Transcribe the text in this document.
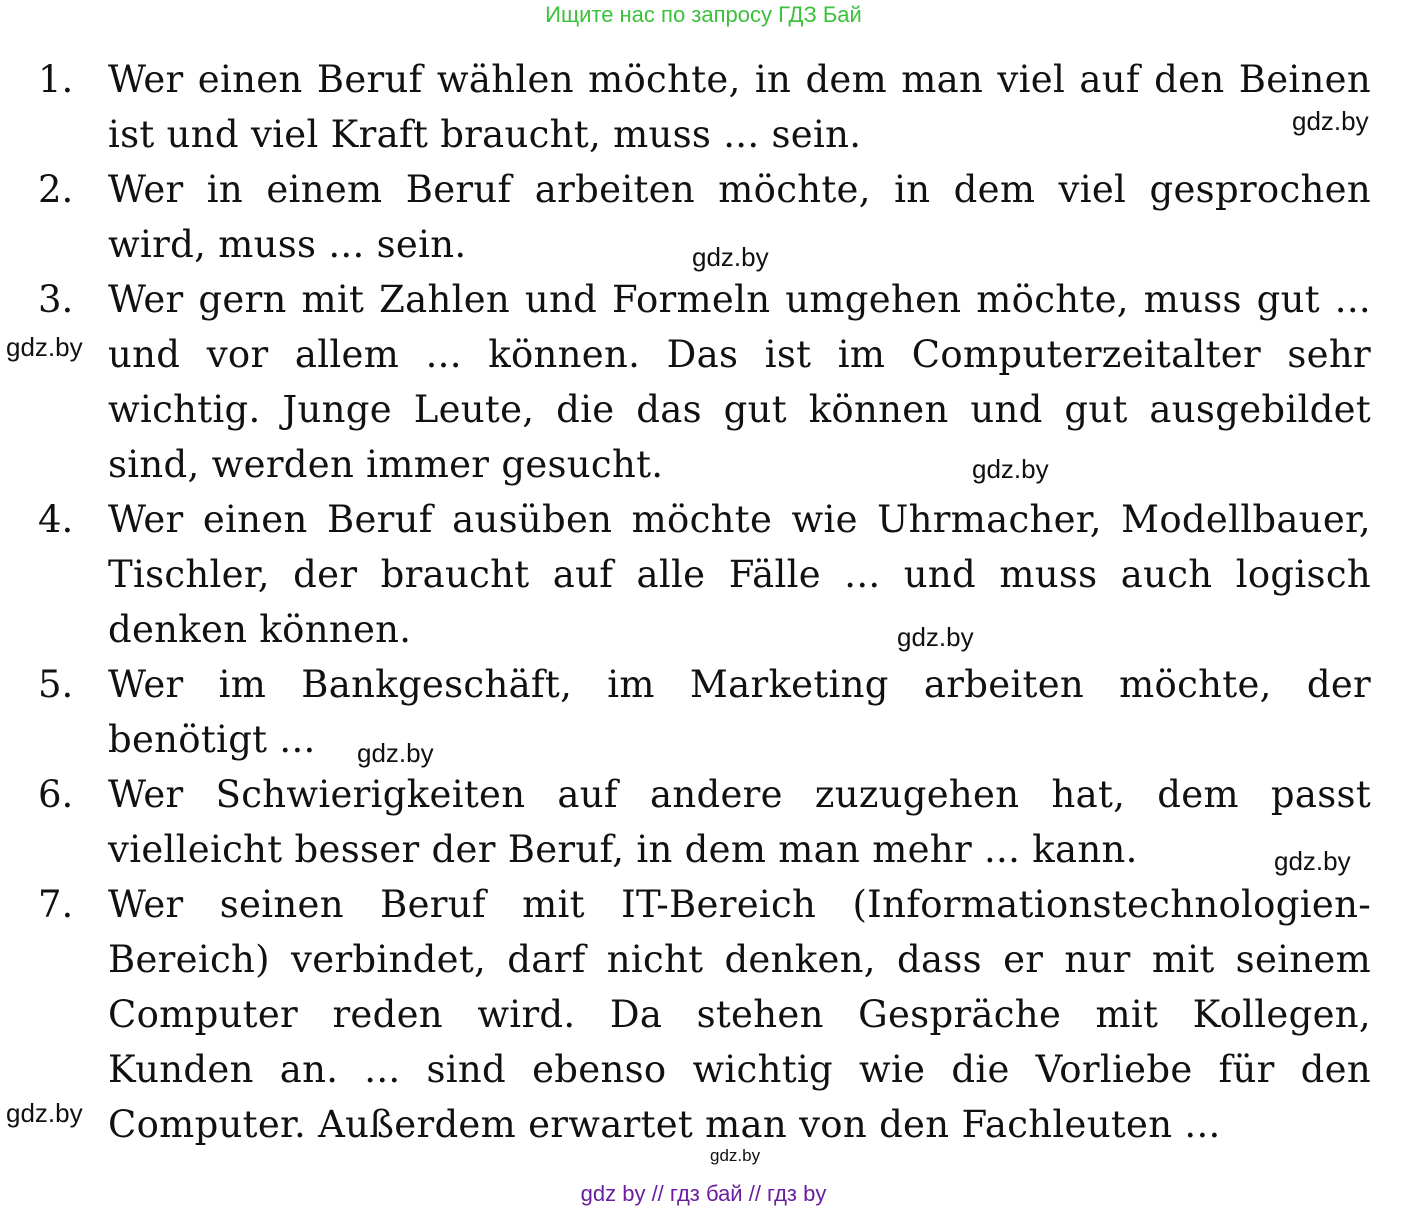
Ищите нас по запросу ГДЗ Бай
1. Wer einen Beruf wählen möchte, in dem man viel auf den Beinen ist und viel Kraft braucht, muss ... sein.
2. Wer in einem Beruf arbeiten möchte, in dem viel gesprochen wird, muss ... sein.
3. Wer gern mit Zahlen und Formeln umgehen möchte, muss gut ... und vor allem ... können. Das ist im Computerzeitalter sehr wichtig. Junge Leute, die das gut können und gut ausgebildet sind, werden immer gesucht.
4. Wer einen Beruf ausüben möchte wie Uhrmacher, Modellbauer, Tischler, der braucht auf alle Fälle ... und muss auch logisch denken können.
5. Wer im Bankgeschäft, im Marketing arbeiten möchte, der benötigt ...
6. Wer Schwierigkeiten auf andere zuzugehen hat, dem passt vielleicht besser der Beruf, in dem man mehr ... kann.
7. Wer seinen Beruf mit IT-Bereich (Informationstechnologien-Bereich) verbindet, darf nicht denken, dass er nur mit seinem Computer reden wird. Da stehen Gespräche mit Kollegen, Kunden an. ... sind ebenso wichtig wie die Vorliebe für den Computer. Außerdem erwartet man von den Fachleuten ...
gdz.by
gdz.by
gdz.by
gdz.by
gdz.by
gdz.by
gdz.by
gdz.by
gdz.by
gdz by // гдз бай // гдз by
